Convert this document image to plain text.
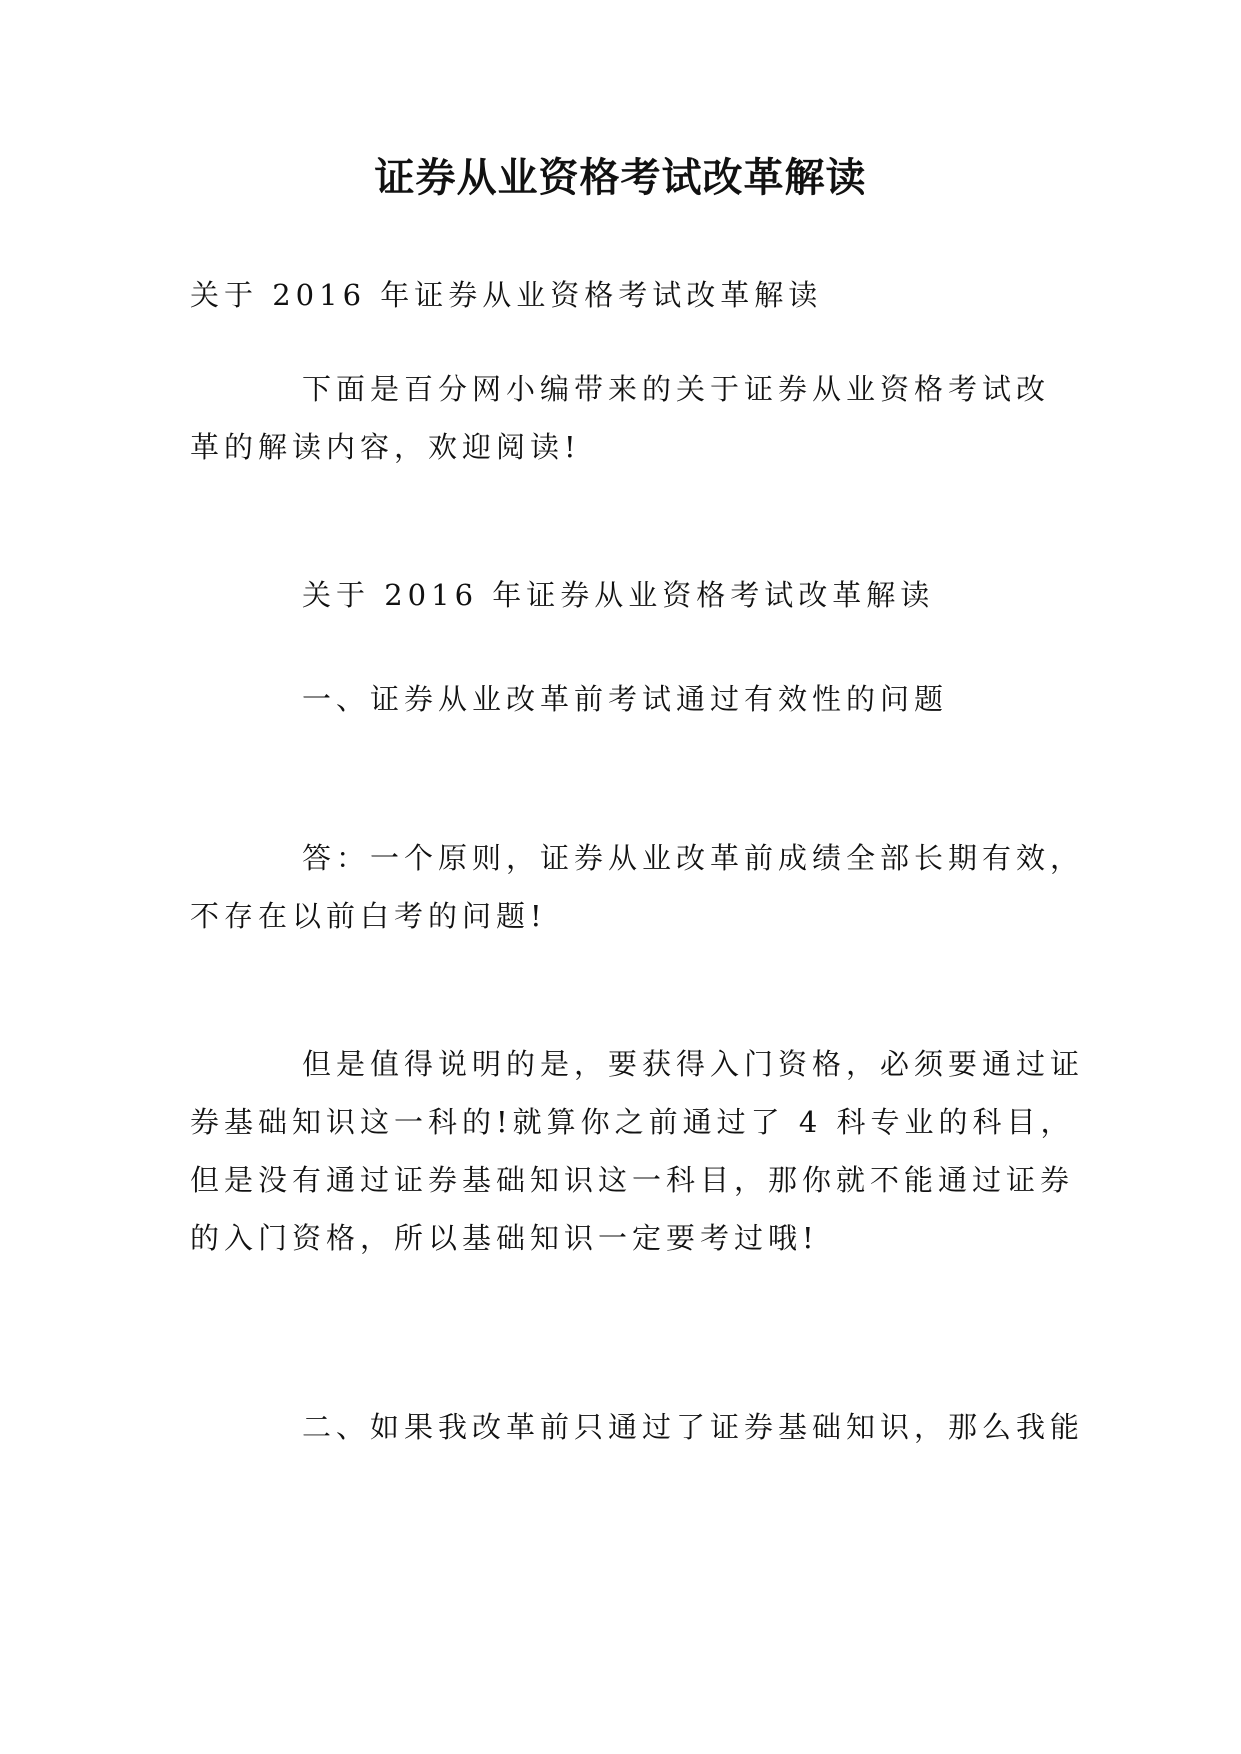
证券从业资格考试改革解读

关于 2016 年证券从业资格考试改革解读

下面是百分网小编带来的关于证券从业资格考试改
革的解读内容，欢迎阅读!

关于 2016 年证券从业资格考试改革解读

一、证券从业改革前考试通过有效性的问题

答：一个原则，证券从业改革前成绩全部长期有效，
不存在以前白考的问题!

但是值得说明的是，要获得入门资格，必须要通过证
券基础知识这一科的!就算你之前通过了 4 科专业的科目，
但是没有通过证券基础知识这一科目，那你就不能通过证券
的入门资格，所以基础知识一定要考过哦!

二、如果我改革前只通过了证券基础知识，那么我能
